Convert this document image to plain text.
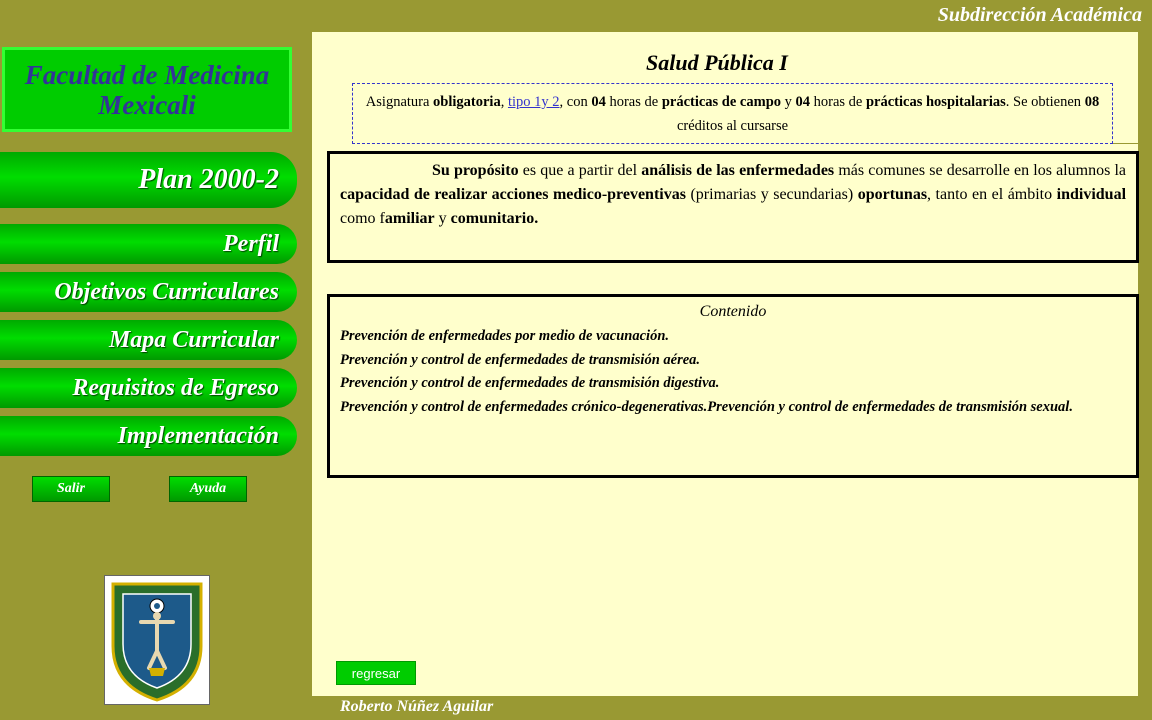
Subdirección Académica
Roberto Núñez Aguilar
Facultad de Medicina
Mexicali
Plan 2000-2
Perfil
Objetivos Curriculares
Mapa Curricular
Requisitos de Egreso
Implementación
Salir	Ayuda
Salud Pública I
Asignatura obligatoria, tipo 1y 2, con 04 horas de prácticas de campo y 04 horas de prácticas hospitalarias. Se obtienen 08 créditos al cursarse
Su propósito es que a partir del análisis de las enfermedades más comunes se desarrolle en los alumnos la capacidad de realizar acciones medico-preventivas (primarias y secundarias) oportunas, tanto en el ámbito individual como familiar y comunitario.
Contenido
Prevención de enfermedades por medio de vacunación.
Prevención y control de enfermedades de transmisión aérea.
Prevención y control de enfermedades de transmisión digestiva.
Prevención y control de enfermedades crónico-degenerativas.Prevención y control de enfermedades de transmisión sexual.
regresar
